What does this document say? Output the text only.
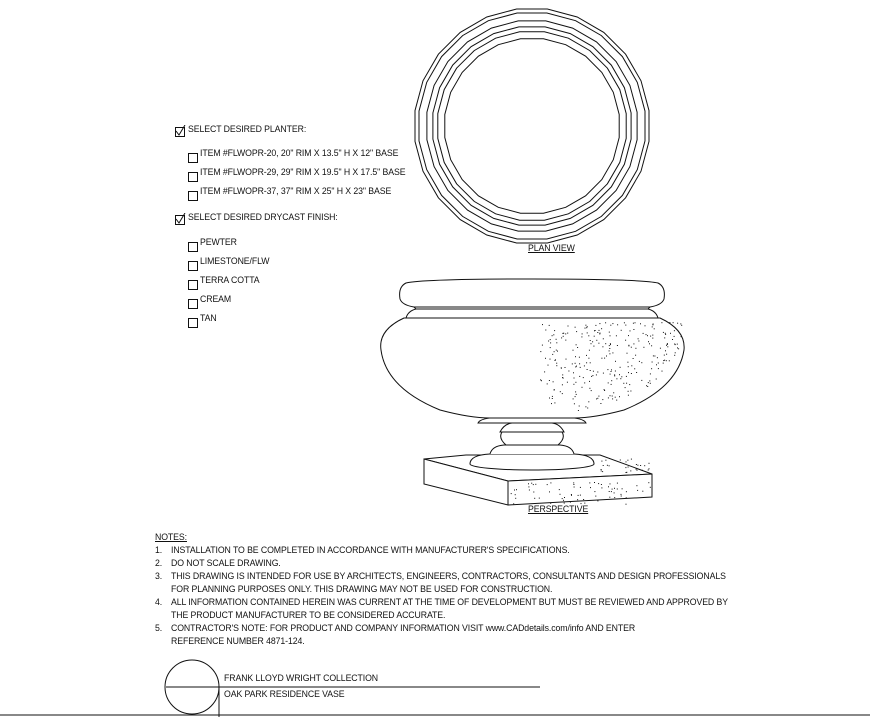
SELECT DESIRED PLANTER:
ITEM #FLWOPR-20, 20" RIM X 13.5" H X 12" BASE
ITEM #FLWOPR-29, 29" RIM X 19.5" H X 17.5" BASE
ITEM #FLWOPR-37, 37" RIM X 25" H X 23" BASE
SELECT DESIRED DRYCAST FINISH:
PEWTER
LIMESTONE/FLW
TERRA COTTA
CREAM
TAN
PLAN VIEW
PERSPECTIVE
NOTES:
1. INSTALLATION TO BE COMPLETED IN ACCORDANCE WITH MANUFACTURER'S SPECIFICATIONS.
2. DO NOT SCALE DRAWING.
3. THIS DRAWING IS INTENDED FOR USE BY ARCHITECTS, ENGINEERS, CONTRACTORS, CONSULTANTS AND DESIGN PROFESSIONALS
FOR PLANNING PURPOSES ONLY. THIS DRAWING MAY NOT BE USED FOR CONSTRUCTION.
4. ALL INFORMATION CONTAINED HEREIN WAS CURRENT AT THE TIME OF DEVELOPMENT BUT MUST BE REVIEWED AND APPROVED BY
THE PRODUCT MANUFACTURER TO BE CONSIDERED ACCURATE.
5. CONTRACTOR'S NOTE: FOR PRODUCT AND COMPANY INFORMATION VISIT www.CADdetails.com/info AND ENTER
REFERENCE NUMBER 4871-124.
FRANK LLOYD WRIGHT COLLECTION
OAK PARK RESIDENCE VASE
